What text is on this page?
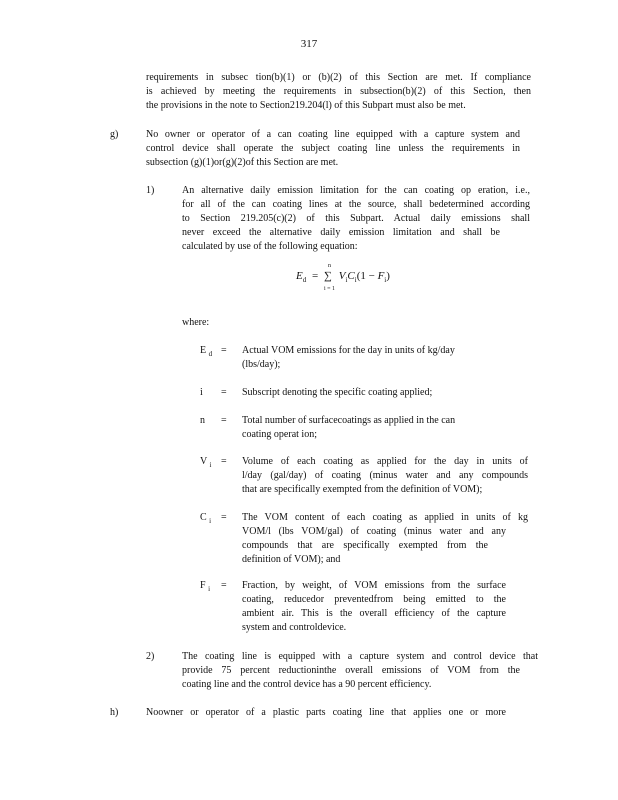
317
requirements in subsec tion(b)(1) or (b)(2) of this Section are met. If compliance
is achieved by meeting the requirements in subsection(b)(2) of this Section, then
the provisions in the note to Section219.204(l) of this Subpart must also be met.
g)	No owner or operator of a can coating line equipped with a capture system and
control device shall operate the subject coating line unless the requirements in
subsection (g)(1)or(g)(2)of this Section are met.
1)	An alternative daily emission limitation for the can coating op eration, i.e.,
for all of the can coating lines at the source, shall bedetermined according
to Section 219.205(c)(2) of this Subpart. Actual daily emissions shall
never exceed the alternative daily emission limitation and shall be
calculated by use of the following equation:
$E_d$ =
n
∑
i = 1
$V_iC_i(1 - F_i)$
where:
E $_d$ = Actual VOM emissions for the day in units of kg/day
(lbs/day);
i = Subscript denoting the specific coating applied;
n = Total number of surfacecoatings as applied in the can
coating operat ion;
V $_i$ = Volume of each coating as applied for the day in units of
l/day (gal/day) of coating (minus water and any compounds
that are specifically exempted from the definition of VOM);
C $_i$ = The VOM content of each coating as applied in units of kg
VOM/l (lbs VOM/gal) of coating (minus water and any
compounds that are specifically exempted from the
definition of VOM); and
F $_i$ = Fraction, by weight, of VOM emissions from the surface
coating, reducedor preventedfrom being emitted to the
ambient air. This is the overall efficiency of the capture
system and controldevice.
2)	The coating line is equipped with a capture system and control device that
provide 75 percent reductioninthe overall emissions of VOM from the
coating line and the control device has a 90 percent efficiency.
h)	Noowner or operator of a plastic parts coating line that applies one or more
